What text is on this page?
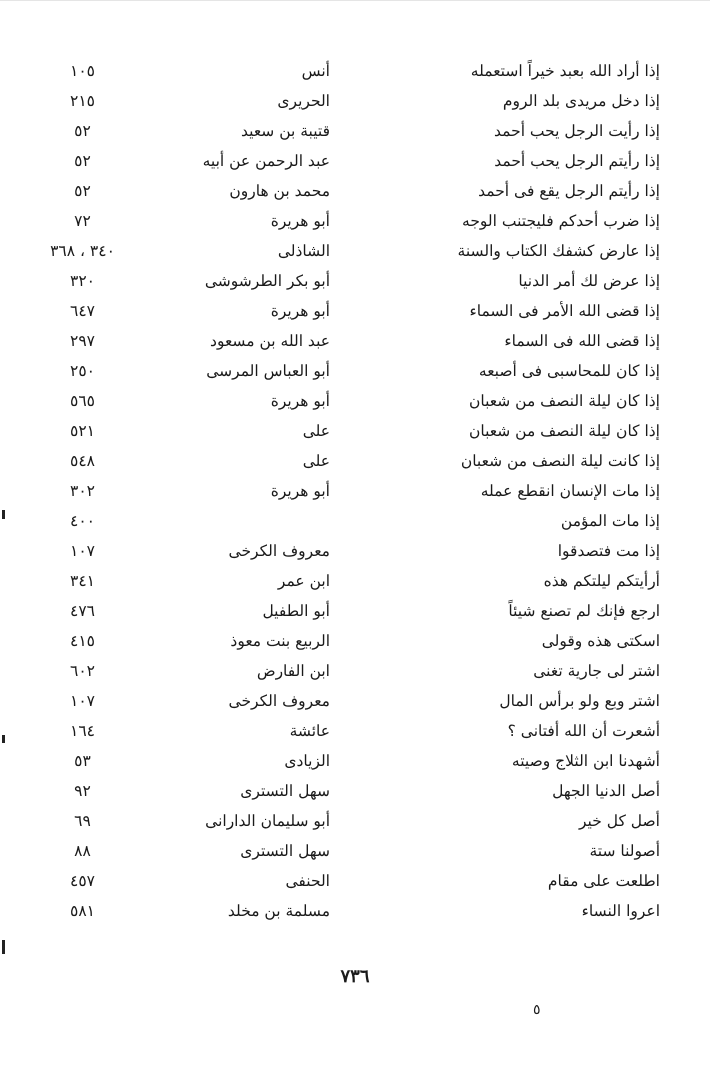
إذا أراد الله بعبد خيراً استعمله
أنس
١٠٥
إذا دخل مريدى بلد الروم
الحريرى
٢١٥
إذا رأيت الرجل يحب أحمد
قتيبة بن سعيد
٥٢
إذا رأيتم الرجل يحب أحمد
عبد الرحمن عن أبيه
٥٢
إذا رأيتم الرجل يقع فى أحمد
محمد بن هارون
٥٢
إذا ضرب أحدكم فليجتنب الوجه
أبو هريرة
٧٢
إذا عارض كشفك الكتاب والسنة
الشاذلى
٣٤٠ ، ٣٦٨
إذا عرض لك أمر الدنيا
أبو بكر الطرشوشى
٣٢٠
إذا قضى الله الأمر فى السماء
أبو هريرة
٦٤٧
إذا قضى الله فى السماء
عبد الله بن مسعود
٢٩٧
إذا كان للمحاسبى فى أصبعه
أبو العباس المرسى
٢٥٠
إذا كان ليلة النصف من شعبان
أبو هريرة
٥٦٥
إذا كان ليلة النصف من شعبان
على
٥٢١
إذا كانت ليلة النصف من شعبان
على
٥٤٨
إذا مات الإنسان انقطع عمله
أبو هريرة
٣٠٢
إذا مات المؤمن
٤٠٠
إذا مت فتصدقوا
معروف الكرخى
١٠٧
أرأيتكم ليلتكم هذه
ابن عمر
٣٤١
ارجع فإنك لم تصنع شيئاً
أبو الطفيل
٤٧٦
اسكتى هذه وقولى
الربيع بنت معوذ
٤١٥
اشتر لى جارية تغنى
ابن الفارض
٦٠٢
اشتر وبع ولو برأس المال
معروف الكرخى
١٠٧
أشعرت أن الله أفتانى ؟
عائشة
١٦٤
أشهدنا ابن الثلاج وصيته
الزيادى
٥٣
أصل الدنيا الجهل
سهل التسترى
٩٢
أصل كل خير
أبو سليمان الدارانى
٦٩
أصولنا ستة
سهل التسترى
٨٨
اطلعت على مقام
الحنفى
٤٥٧
اعروا النساء
مسلمة بن مخلد
٥٨١
٧٣٦
٥
